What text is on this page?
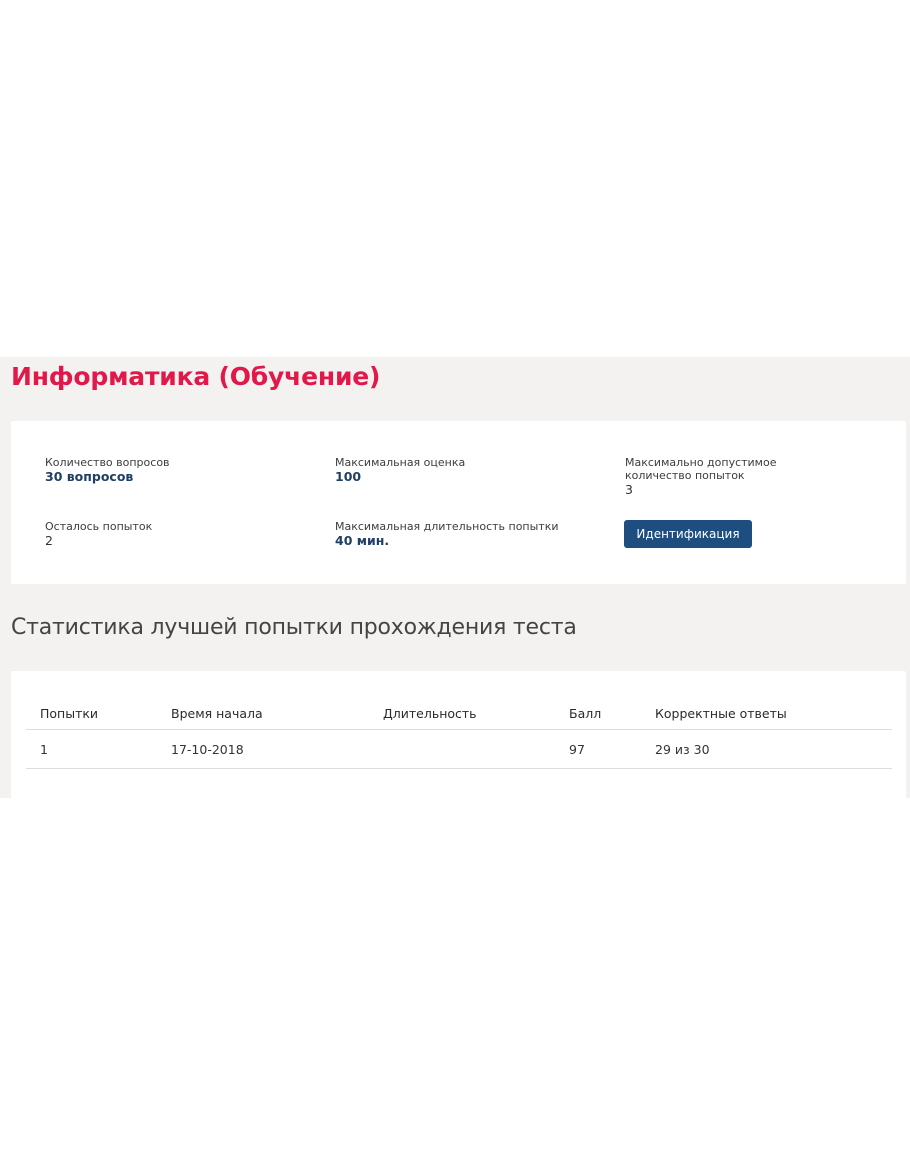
Информатика (Обучение)
Количество вопросов
30 вопросов
Максимальная оценка
100
Максимально допустимое количество попыток
3
Осталось попыток
2
Максимальная длительность попытки
40 мин.	Идентификация
Статистика лучшей попытки прохождения теста
Попытки	Время начала	Длительность	Балл	Корректные ответы
1	17-10-2018		97	29 из 30
